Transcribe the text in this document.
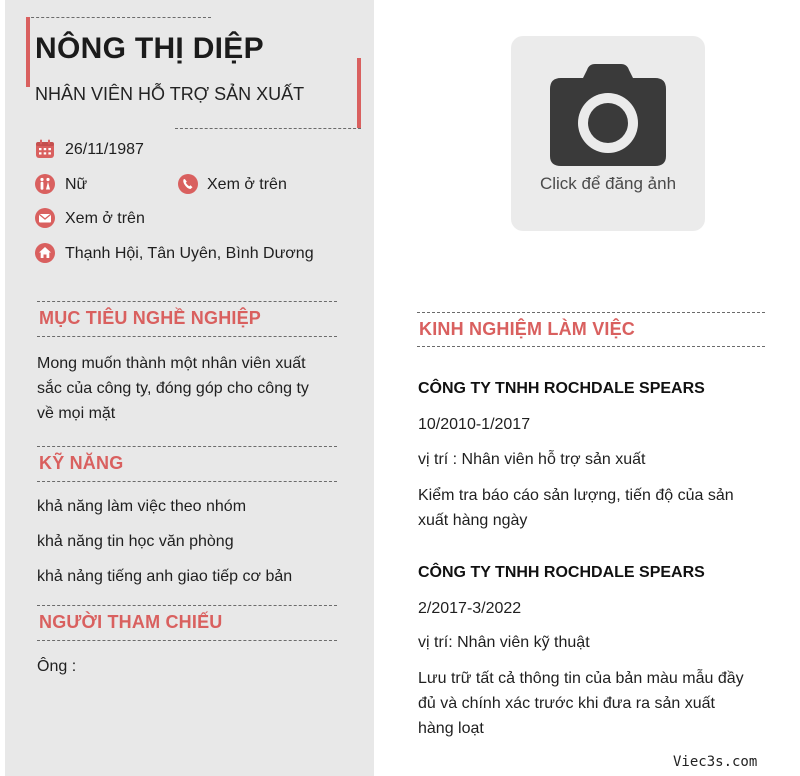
NÔNG THỊ DIỆP
NHÂN VIÊN HỖ TRỢ SẢN XUẤT
26/11/1987
Nữ	Xem ở trên
Xem ở trên
Thạnh Hội, Tân Uyên, Bình Dương
MỤC TIÊU NGHỀ NGHIỆP
Mong muốn thành một nhân viên xuất
sắc của công ty, đóng góp cho công ty
về mọi mặt
KỸ NĂNG
khả năng làm việc theo nhóm
khả năng tin học văn phòng
khả nảng tiếng anh giao tiếp cơ bản
NGƯỜI THAM CHIẾU
Ông :
Click để đăng ảnh
KINH NGHIỆM LÀM VIỆC
CÔNG TY TNHH ROCHDALE SPEARS
10/2010-1/2017
vị trí : Nhân viên hỗ trợ sản xuất
Kiểm tra báo cáo sản lượng, tiến độ của sản
xuất hàng ngày
CÔNG TY TNHH ROCHDALE SPEARS
2/2017-3/2022
vị trí: Nhân viên kỹ thuật
Lưu trữ tất cả thông tin của bản màu mẫu đầy
đủ và chính xác trước khi đưa ra sản xuất
hàng loạt
Viec3s.com
